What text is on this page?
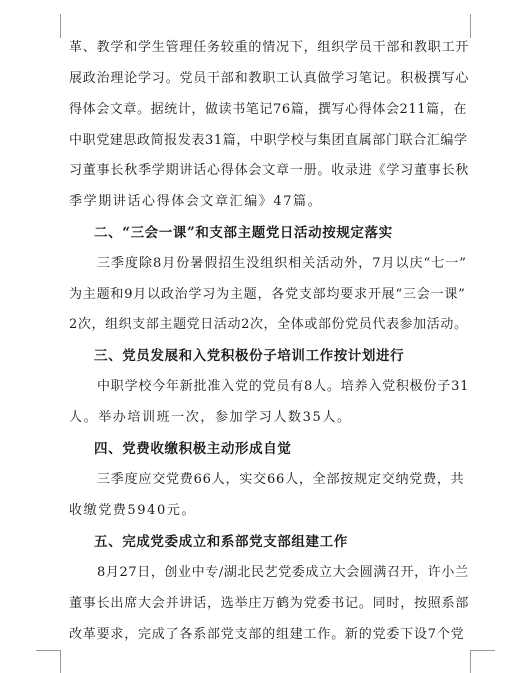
革、教学和学生管理任务较重的情况下，组织学员干部和教职工开
展政治理论学习。党员干部和教职工认真做学习笔记。积极撰写心
得体会文章。据统计，做读书笔记76篇，撰写心得体会211篇，在
中职党建思政简报发表31篇，中职学校与集团直属部门联合汇编学
习董事长秋季学期讲话心得体会文章一册。收录进《学习董事长秋
季学期讲话心得体会文章汇编》47篇。
二、“三会一课”和支部主题党日活动按规定落实
三季度除8月份暑假招生没组织相关活动外，7月以庆“七一”
为主题和9月以政治学习为主题，各党支部均要求开展“三会一课”
2次，组织支部主题党日活动2次，全体或部份党员代表参加活动。
三、党员发展和入党积极份子培训工作按计划进行
中职学校今年新批准入党的党员有8人。培养入党积极份子31
人。举办培训班一次，参加学习人数35人。
四、党费收缴积极主动形成自觉
三季度应交党费66人，实交66人，全部按规定交纳党费，共
收缴党费5940元。
五、完成党委成立和系部党支部组建工作
8月27日，创业中专/湖北民艺党委成立大会圆满召开，许小兰
董事长出席大会并讲话，选举庄万鹤为党委书记。同时，按照系部
改革要求，完成了各系部党支部的组建工作。新的党委下设7个党
